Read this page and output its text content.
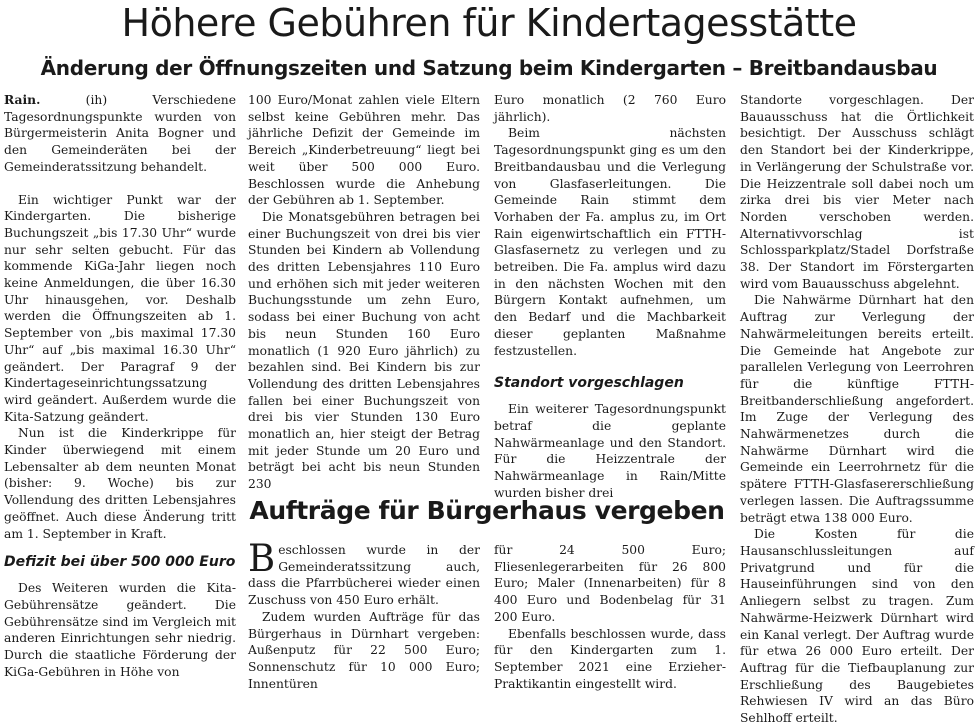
Höhere Gebühren für Kindertagesstätte
Änderung der Öffnungszeiten und Satzung beim Kindergarten – Breitbandausbau

Rain.	(ih) Verschiedene Tagesordnungspunkte wurden von Bürgermeisterin Anita Bogner und den Gemeinderäten bei der Gemeinderatssitzung behandelt.

Ein wichtiger Punkt war der Kindergarten. Die bisherige Buchungszeit „bis 17.30 Uhr“ wurde nur sehr selten gebucht. Für das kommende KiGa-Jahr liegen noch keine Anmeldungen, die über 16.30 Uhr hinausgehen, vor. Deshalb werden die Öffnungszeiten ab 1. September von „bis maximal 17.30 Uhr“ auf „bis maximal 16.30 Uhr“ geändert. Der Paragraf 9 der Kindertageseinrichtungssatzung wird geändert. Außerdem wurde die Kita-Satzung geändert.

Nun ist die Kinderkrippe für Kinder überwiegend mit einem Lebensalter ab dem neunten Monat (bisher: 9. Woche) bis zur Vollendung des dritten Lebensjahres geöffnet. Auch diese Änderung tritt am 1. September in Kraft.

Defizit bei über 500 000 Euro

Des Weiteren wurden die Kita-Gebührensätze geändert. Die Gebührensätze sind im Vergleich mit anderen Einrichtungen sehr niedrig. Durch die staatliche Förderung der KiGa-Gebühren in Höhe von

100 Euro/Monat zahlen viele Eltern selbst keine Gebühren mehr. Das jährliche Defizit der Gemeinde im Bereich „Kinderbetreuung“ liegt bei weit über 500 000 Euro. Beschlossen wurde die Anhebung der Gebühren ab 1. September.

Die Monatsgebühren betragen bei einer Buchungszeit von drei bis vier Stunden bei Kindern ab Vollendung des dritten Lebensjahres 110 Euro und erhöhen sich mit jeder weiteren Buchungsstunde um zehn Euro, sodass bei einer Buchung von acht bis neun Stunden 160 Euro monatlich (1 920 Euro jährlich) zu bezahlen sind. Bei Kindern bis zur Vollendung des dritten Lebensjahres fallen bei einer Buchungszeit von drei bis vier Stunden 130 Euro monatlich an, hier steigt der Betrag mit jeder Stunde um 20 Euro und beträgt bei acht bis neun Stunden 230

Euro monatlich (2 760 Euro jährlich).

Beim nächsten Tagesordnungspunkt ging es um den Breitbandausbau und die Verlegung von Glasfaserleitungen. Die Gemeinde Rain stimmt dem Vorhaben der Fa. amplus zu, im Ort Rain eigenwirtschaftlich ein FTTH-Glasfasernetz zu verlegen und zu betreiben. Die Fa. amplus wird dazu in den nächsten Wochen mit den Bürgern Kontakt aufnehmen, um den Bedarf und die Machbarkeit dieser geplanten Maßnahme festzustellen.

Standort vorgeschlagen

Ein weiterer Tagesordnungspunkt betraf die geplante Nahwärmeanlage und den Standort. Für die Heizzentrale der Nahwärmeanlage in Rain/Mitte wurden bisher drei

Standorte vorgeschlagen. Der Bauausschuss hat die Örtlichkeit besichtigt. Der Ausschuss schlägt den Standort bei der Kinderkrippe, in Verlängerung der Schulstraße vor. Die Heizzentrale soll dabei noch um zirka drei bis vier Meter nach Norden verschoben werden. Alternativvorschlag ist Schlossparkplatz/Stadel Dorfstraße 38. Der Standort im Förstergarten wird vom Bauausschuss abgelehnt.

Die Nahwärme Dürnhart hat den Auftrag zur Verlegung der Nahwärmeleitungen bereits erteilt. Die Gemeinde hat Angebote zur parallelen Verlegung von Leerrohren für die künftige FTTH-Breitbanderschließung angefordert. Im Zuge der Verlegung des Nahwärmenetzes durch die Nahwärme Dürnhart wird die Gemeinde ein Leerrohrnetz für die spätere FTTH-Glasfasererschließung verlegen lassen. Die Auftragssumme beträgt etwa 138 000 Euro.

Die Kosten für die Hausanschlussleitungen auf Privatgrund und für die Hauseinführungen sind von den Anliegern selbst zu tragen. Zum Nahwärme-Heizwerk Dürnhart wird ein Kanal verlegt. Der Auftrag wurde für etwa 26 000 Euro erteilt. Der Auftrag für die Tiefbauplanung zur Erschließung des Baugebietes Rehwiesen IV wird an das Büro Sehlhoff erteilt.

Aufträge für Bürgerhaus vergeben

Beschlossen wurde in der Gemeinderatssitzung auch, dass die Pfarrbücherei wieder einen Zuschuss von 450 Euro erhält.

Zudem wurden Aufträge für das Bürgerhaus in Dürnhart vergeben: Außenputz für 22 500 Euro; Sonnenschutz für 10 000 Euro; Innentüren

für 24 500 Euro; Fliesenlegerarbeiten für 26 800 Euro; Maler (Innenarbeiten) für 8 400 Euro und Bodenbelag für 31 200 Euro.

Ebenfalls beschlossen wurde, dass für den Kindergarten zum 1. September 2021 eine Erzieher-Praktikantin eingestellt wird.
